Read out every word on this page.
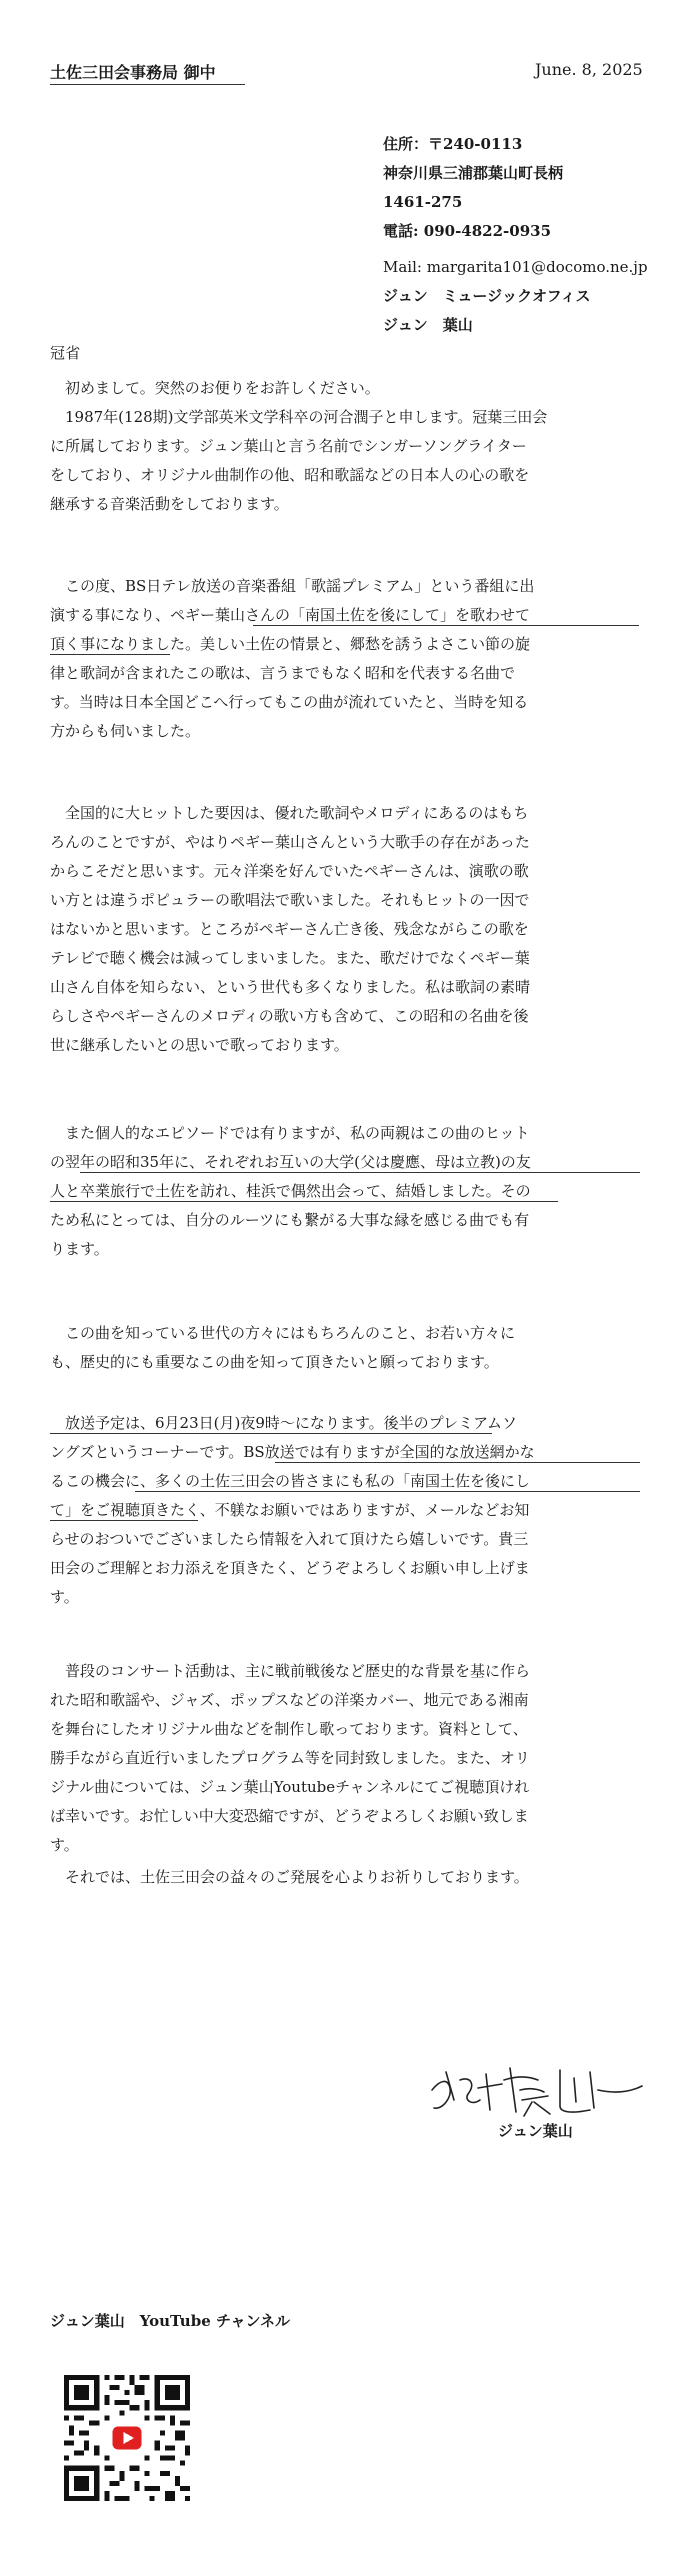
土佐三田会事務局 御中	June. 8, 2025
住所：〒240-0113
神奈川県三浦郡葉山町長柄
1461-275
電話: 090-4822-0935
Mail: margarita101@docomo.ne.jp
ジュン　ミュージックオフィス
ジュン　葉山
冠省
　初めまして。突然のお便りをお許しください。
　1987年(128期)文学部英米文学科卒の河合潤子と申します。冠葉三田会
に所属しております。ジュン葉山と言う名前でシンガーソングライター
をしており、オリジナル曲制作の他、昭和歌謡などの日本人の心の歌を
継承する音楽活動をしております。
　この度、BS日テレ放送の音楽番組「歌謡プレミアム」という番組に出
演する事になり、ペギー葉山さんの「南国土佐を後にして」を歌わせて
頂く事になりました。美しい土佐の情景と、郷愁を誘うよさこい節の旋
律と歌詞が含まれたこの歌は、言うまでもなく昭和を代表する名曲で
す。当時は日本全国どこへ行ってもこの曲が流れていたと、当時を知る
方からも伺いました。
　全国的に大ヒットした要因は、優れた歌詞やメロディにあるのはもち
ろんのことですが、やはりペギー葉山さんという大歌手の存在があった
からこそだと思います。元々洋楽を好んでいたペギーさんは、演歌の歌
い方とは違うポピュラーの歌唱法で歌いました。それもヒットの一因で
はないかと思います。ところがペギーさん亡き後、残念ながらこの歌を
テレビで聴く機会は減ってしまいました。また、歌だけでなくペギー葉
山さん自体を知らない、という世代も多くなりました。私は歌詞の素晴
らしさやペギーさんのメロディの歌い方も含めて、この昭和の名曲を後
世に継承したいとの思いで歌っております。
　また個人的なエピソードでは有りますが、私の両親はこの曲のヒット
の翌年の昭和35年に、それぞれお互いの大学(父は慶應、母は立教)の友
人と卒業旅行で土佐を訪れ、桂浜で偶然出会って、結婚しました。その
ため私にとっては、自分のルーツにも繋がる大事な縁を感じる曲でも有
ります。
　この曲を知っている世代の方々にはもちろんのこと、お若い方々に
も、歴史的にも重要なこの曲を知って頂きたいと願っております。
　放送予定は、6月23日(月)夜9時～になります。後半のプレミアムソ
ングズというコーナーです。BS放送では有りますが全国的な放送網かな
るこの機会に、多くの土佐三田会の皆さまにも私の「南国土佐を後にし
て」をご視聴頂きたく、不躾なお願いではありますが、メールなどお知
らせのおついでございましたら情報を入れて頂けたら嬉しいです。貴三
田会のご理解とお力添えを頂きたく、どうぞよろしくお願い申し上げま
す。
　普段のコンサート活動は、主に戦前戦後など歴史的な背景を基に作ら
れた昭和歌謡や、ジャズ、ポップスなどの洋楽カバー、地元である湘南
を舞台にしたオリジナル曲などを制作し歌っております。資料として、
勝手ながら直近行いましたプログラム等を同封致しました。また、オリ
ジナル曲については、ジュン葉山Youtubeチャンネルにてご視聴頂けれ
ば幸いです。お忙しい中大変恐縮ですが、どうぞよろしくお願い致しま
す。
　それでは、土佐三田会の益々のご発展を心よりお祈りしております。
ジュン葉山
ジュン葉山　YouTube チャンネル
